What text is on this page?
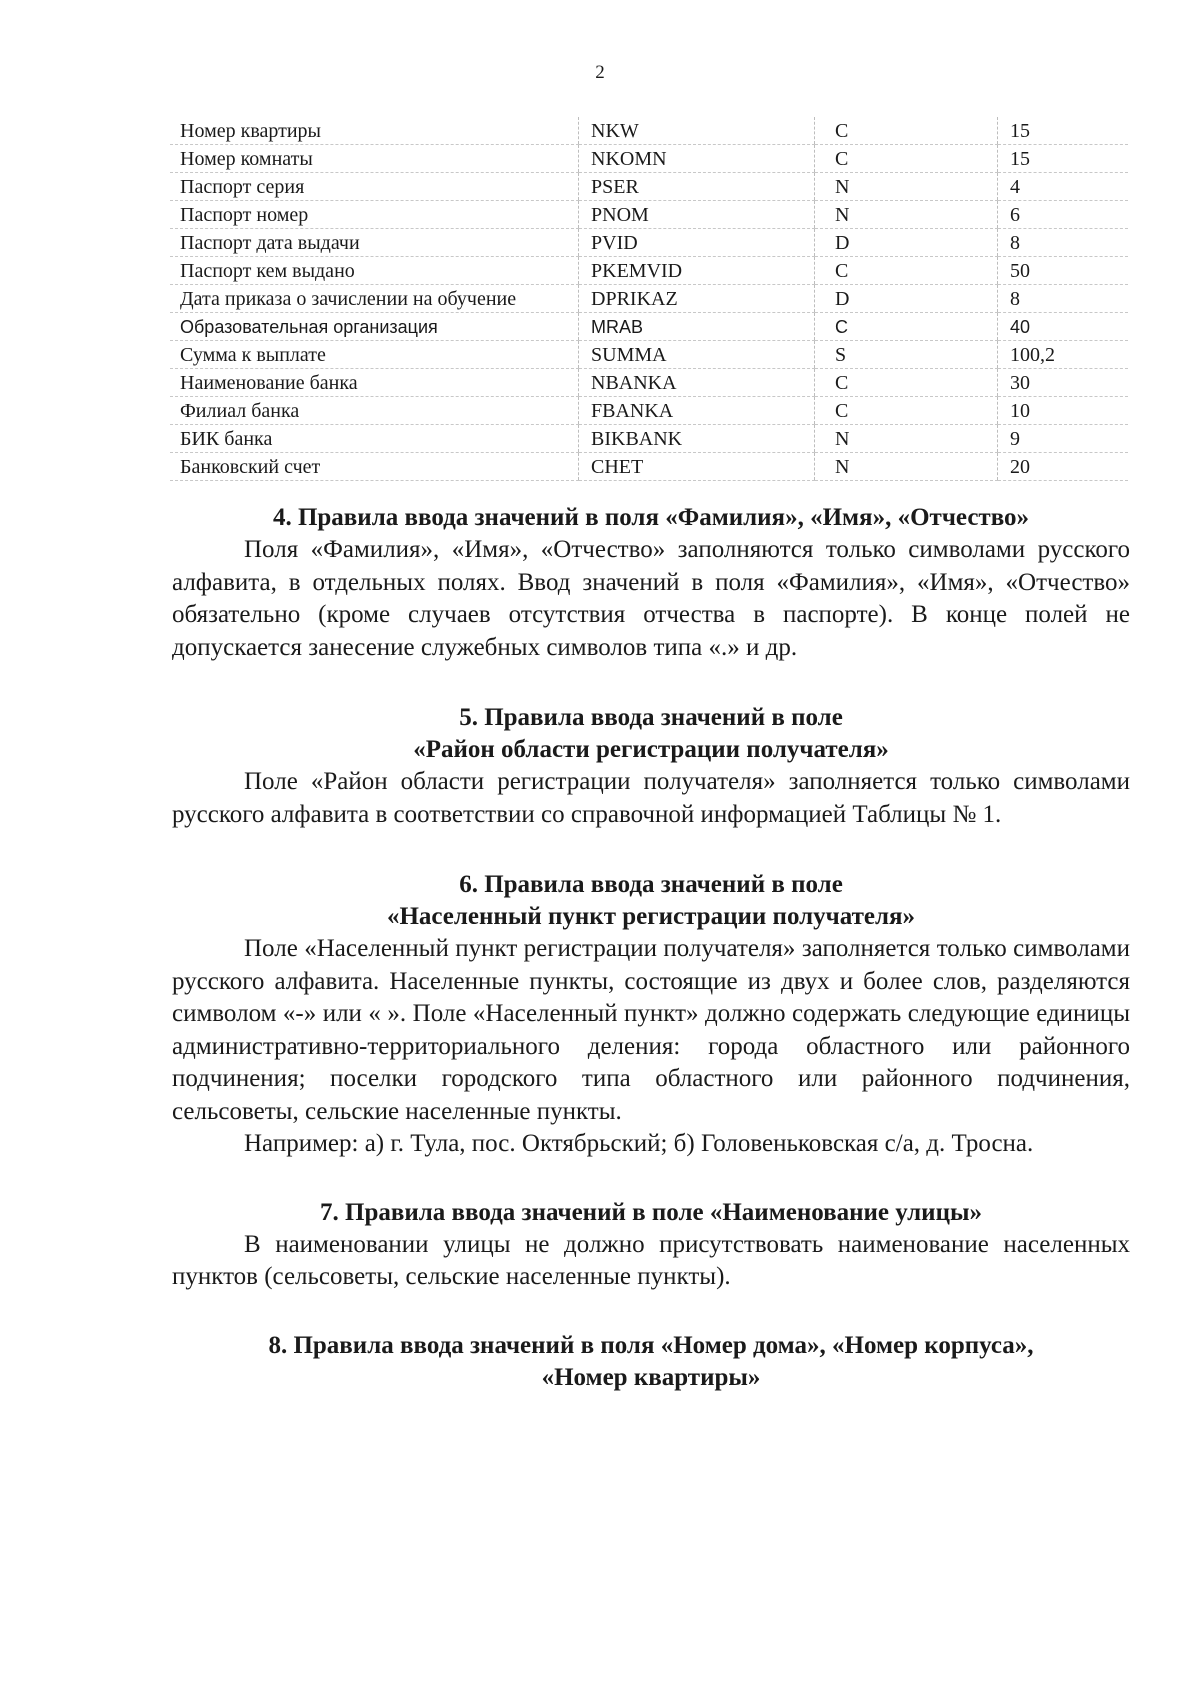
2
Номер квартиры	NKW	C	15
Номер комнаты	NKOMN	C	15
Паспорт серия	PSER	N	4
Паспорт номер	PNOM	N	6
Паспорт дата выдачи	PVID	D	8
Паспорт кем выдано	PKEMVID	C	50
Дата приказа о зачислении на обучение	DPRIKAZ	D	8
Образовательная организация	MRAB	C	40
Сумма к выплате	SUMMA	S	100,2
Наименование банка	NBANKA	C	30
Филиал банка	FBANKA	C	10
БИК банка	BIKBANK	N	9
Банковский счет	CHET	N	20
4. Правила ввода значений в поля «Фамилия», «Имя», «Отчество»

Поля «Фамилия», «Имя», «Отчество» заполняются только символами русского алфавита, в отдельных полях. Ввод значений в поля «Фамилия», «Имя», «Отчество» обязательно (кроме случаев отсутствия отчества в паспорте). В конце полей не допускается занесение служебных символов типа «.» и др.

5. Правила ввода значений в поле
«Район области регистрации получателя»

Поле «Район области регистрации получателя» заполняется только символами русского алфавита в соответствии со справочной информацией Таблицы № 1.

6. Правила ввода значений в поле
«Населенный пункт регистрации получателя»

Поле «Населенный пункт регистрации получателя» заполняется только символами русского алфавита. Населенные пункты, состоящие из двух и более слов, разделяются символом «-» или « ». Поле «Населенный пункт» должно содержать следующие единицы административно-территориального деления: города областного или районного подчинения; поселки городского типа областного или районного подчинения, сельсоветы, сельские населенные пункты.

Например: а) г. Тула, пос. Октябрьский; б) Головеньковская с/а, д. Тросна.

7. Правила ввода значений в поле «Наименование улицы»

В наименовании улицы не должно присутствовать наименование населенных пунктов (сельсоветы, сельские населенные пункты).

8. Правила ввода значений в поля «Номер дома», «Номер корпуса»,
«Номер квартиры»
